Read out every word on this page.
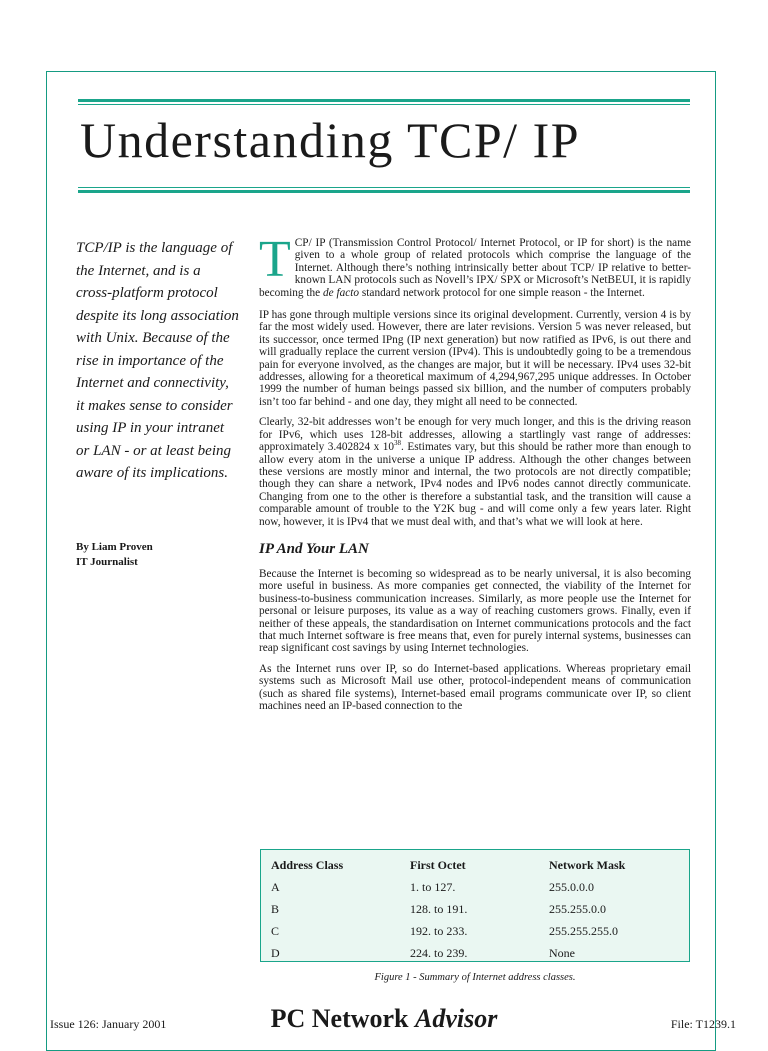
Understanding TCP/ IP

TCP/IP is the language of the Internet, and is a cross-platform protocol despite its long association with Unix. Because of the rise in importance of the Internet and connectivity, it makes sense to consider using IP in your intranet or LAN - or at least being aware of its implications.

By Liam Proven
IT Journalist

TCP/ IP (Transmission Control Protocol/ Internet Protocol, or IP for short) is the name given to a whole group of related protocols which comprise the language of the Internet. Although there’s nothing intrinsically better about TCP/ IP relative to better-known LAN protocols such as Novell’s IPX/ SPX or Microsoft’s NetBEUI, it is rapidly becoming the de facto standard network protocol for one simple reason - the Internet.

IP has gone through multiple versions since its original development. Currently, version 4 is by far the most widely used. However, there are later revisions. Version 5 was never released, but its successor, once termed IPng (IP next generation) but now ratified as IPv6, is out there and will gradually replace the current version (IPv4). This is undoubtedly going to be a tremendous pain for everyone involved, as the changes are major, but it will be necessary. IPv4 uses 32-bit addresses, allowing for a theoretical maximum of 4,294,967,295 unique addresses. In October 1999 the number of human beings passed six billion, and the number of computers probably isn’t too far behind - and one day, they might all need to be connected.

Clearly, 32-bit addresses won’t be enough for very much longer, and this is the driving reason for IPv6, which uses 128-bit addresses, allowing a startlingly vast range of addresses: approximately 3.402824 x $10^{38}$. Estimates vary, but this should be rather more than enough to allow every atom in the universe a unique IP address. Although the other changes between these versions are mostly minor and internal, the two protocols are not directly compatible; though they can share a network, IPv4 nodes and IPv6 nodes cannot directly communicate. Changing from one to the other is therefore a substantial task, and the transition will cause a comparable amount of trouble to the Y2K bug - and will come only a few years later. Right now, however, it is IPv4 that we must deal with, and that’s what we will look at here.

IP And Your LAN

Because the Internet is becoming so widespread as to be nearly universal, it is also becoming more useful in business. As more companies get connected, the viability of the Internet for business-to-business communication increases. Similarly, as more people use the Internet for personal or leisure purposes, its value as a way of reaching customers grows. Finally, even if neither of these appeals, the standardisation on Internet communications protocols and the fact that much Internet software is free means that, even for purely internal systems, businesses can reap significant cost savings by using Internet technologies.

As the Internet runs over IP, so do Internet-based applications. Whereas proprietary email systems such as Microsoft Mail use other, protocol-independent means of communication (such as shared file systems), Internet-based email programs communicate over IP, so client machines need an IP-based connection to the

Address Class	First Octet	Network Mask
A	1. to 127.	255.0.0.0
B	128. to 191.	255.255.0.0
C	192. to 233.	255.255.255.0
D	224. to 239.	None
Figure 1 - Summary of Internet address classes.
Issue 126: January 2001	PC Network Advisor	File: T1239.1
